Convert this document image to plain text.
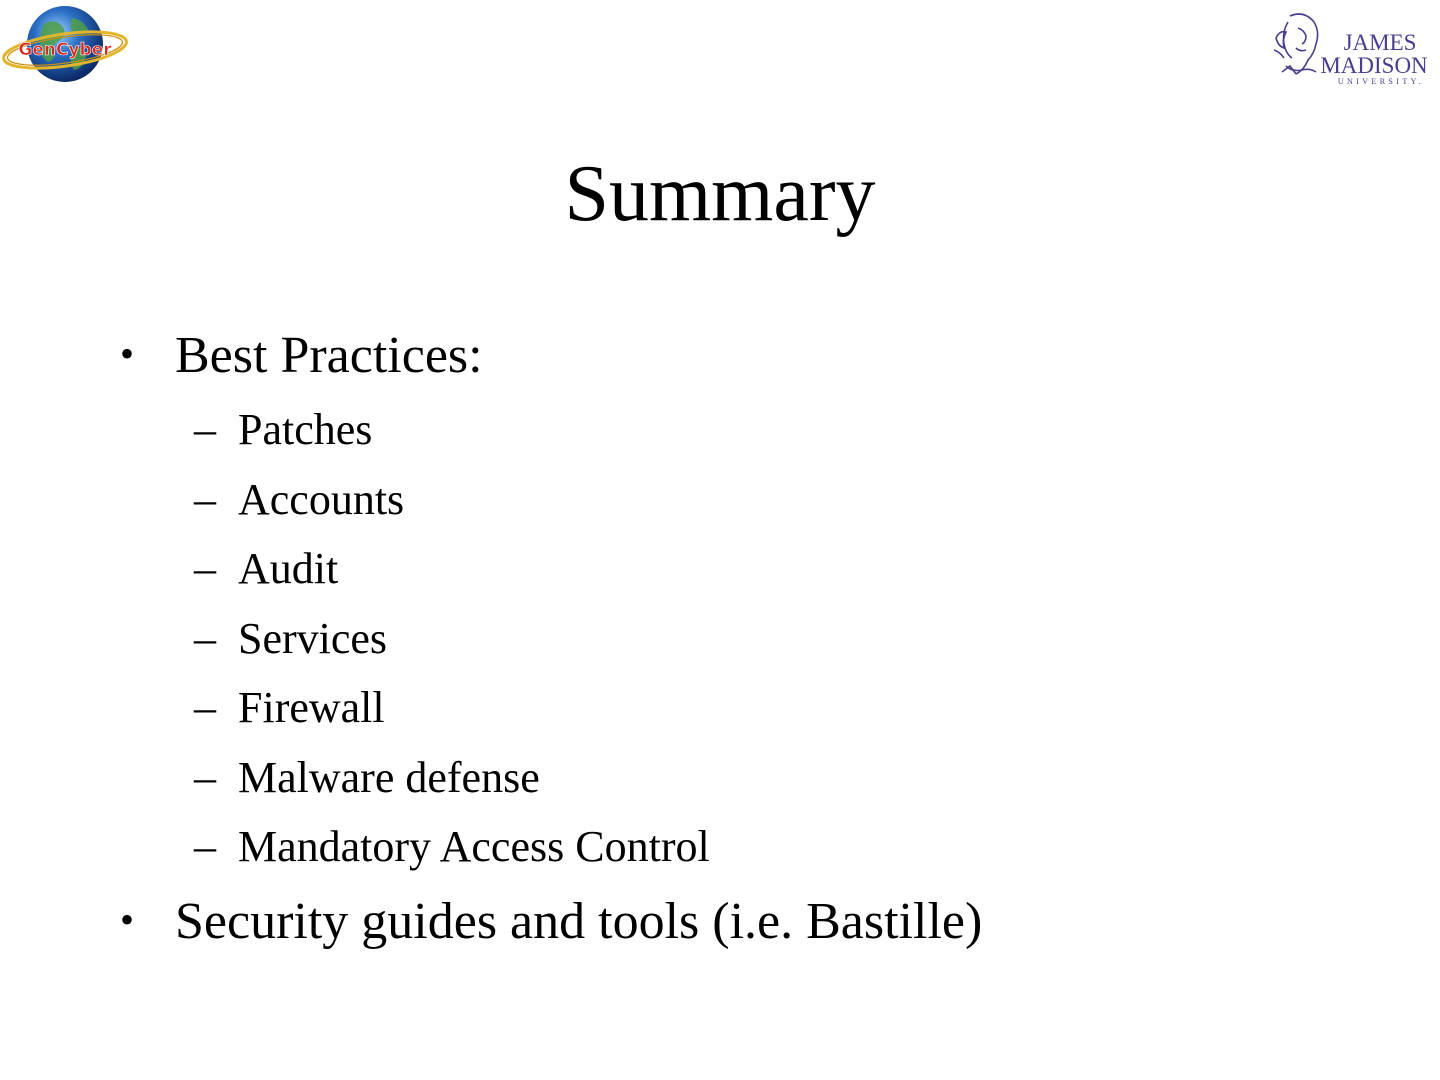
GenCyber	JAMES
MADISON
UNIVERSITY.
Summary
• Best Practices:
– Patches
– Accounts
– Audit
– Services
– Firewall
– Malware defense
– Mandatory Access Control
• Security guides and tools (i.e. Bastille)
